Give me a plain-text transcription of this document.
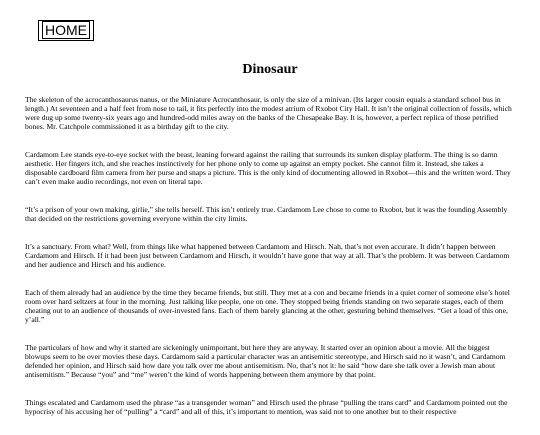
HOME
Dinosaur

The skeleton of the acrocanthosaurus nanus, or the Miniature Acrocanthosaur, is only the size of a minivan. (Its larger cousin equals a standard school bus in length.) At seventeen and a half feet from nose to tail, it fits perfectly into the modest atrium of Rxobot City Hall. It isn’t the original collection of fossils, which were dug up some twenty-six years ago and hundred-odd miles away on the banks of the Chesapeake Bay. It is, however, a perfect replica of those petrified bones. Mr. Catchpole commissioned it as a birthday gift to the city.

Cardamom Lee stands eye-to-eye socket with the beast, leaning forward against the railing that surrounds its sunken display platform. The thing is so damn aesthetic. Her fingers itch, and she reaches instinctively for her phone only to come up against an empty pocket. She cannot film it. Instead, she takes a disposable cardboard film camera from her purse and snaps a picture. This is the only kind of documenting allowed in Rxobot—this and the written word. They can’t even make audio recordings, not even on literal tape.

“It’s a prison of your own making, girlie,” she tells herself. This isn’t entirely true. Cardamom Lee chose to come to Rxobot, but it was the founding Assembly that decided on the restrictions governing everyone within the city limits.

It’s a sanctuary. From what? Well, from things like what happened between Cardamom and Hirsch. Nah, that’s not even accurate. It didn’t happen between Cardamom and Hirsch. If it had been just between Cardamom and Hirsch, it wouldn’t have gone that way at all. That’s the problem. It was between Cardamom and her audience and Hirsch and his audience.

Each of them already had an audience by the time they became friends, but still. They met at a con and became friends in a quiet corner of someone else’s hotel room over hard seltzers at four in the morning. Just talking like people, one on one. They stopped being friends standing on two separate stages, each of them cheating out to an audience of thousands of over-invested fans. Each of them barely glancing at the other, gesturing behind themselves. “Get a load of this one, y’all.”

The particulars of how and why it started are sickeningly unimportant, but here they are anyway. It started over an opinion about a movie. All the biggest blowups seem to be over movies these days. Cardamom said a particular character was an antisemitic stereotype, and Hirsch said no it wasn’t, and Cardamom defended her opinion, and Hirsch said how dare you talk over me about antisemitism. No, that’s not it: he said “how dare she talk over a Jewish man about antisemitism.” Because “you” and “me” weren’t the kind of words happening between them anymore by that point.

Things escalated and Cardamom used the phrase “as a transgender woman” and Hirsch used the phrase “pulling the trans card” and Cardamom pointed out the hypocrisy of his accusing her of “pulling” a “card” and all of this, it’s important to mention, was said not to one another but to their respective
